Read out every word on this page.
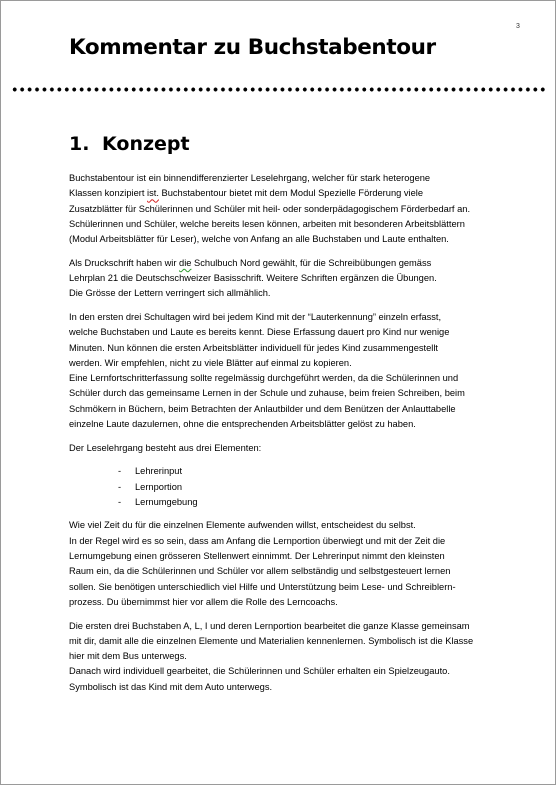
3
Kommentar zu Buchstabentour
1. Konzept
Buchstabentour ist ein binnendifferenzierter Leselehrgang, welcher für stark heterogene
Klassen konzipiert ist. Buchstabentour bietet mit dem Modul Spezielle Förderung viele
Zusatzblätter für Schülerinnen und Schüler mit heil- oder sonderpädagogischem Förderbedarf an.
Schülerinnen und Schüler, welche bereits lesen können, arbeiten mit besonderen Arbeitsblättern
(Modul Arbeitsblätter für Leser), welche von Anfang an alle Buchstaben und Laute enthalten.
Als Druckschrift haben wir die Schulbuch Nord gewählt, für die Schreibübungen gemäss
Lehrplan 21 die Deutschschweizer Basisschrift. Weitere Schriften ergänzen die Übungen.
Die Grösse der Lettern verringert sich allmählich.
In den ersten drei Schultagen wird bei jedem Kind mit der “Lauterkennung” einzeln erfasst,
welche Buchstaben und Laute es bereits kennt. Diese Erfassung dauert pro Kind nur wenige
Minuten. Nun können die ersten Arbeitsblätter individuell für jedes Kind zusammengestellt
werden. Wir empfehlen, nicht zu viele Blätter auf einmal zu kopieren.
Eine Lernfortschritterfassung sollte regelmässig durchgeführt werden, da die Schülerinnen und
Schüler durch das gemeinsame Lernen in der Schule und zuhause, beim freien Schreiben, beim
Schmökern in Büchern, beim Betrachten der Anlautbilder und dem Benützen der Anlauttabelle
einzelne Laute dazulernen, ohne die entsprechenden Arbeitsblätter gelöst zu haben.
Der Leselehrgang besteht aus drei Elementen:
- Lehrerinput
- Lernportion
- Lernumgebung
Wie viel Zeit du für die einzelnen Elemente aufwenden willst, entscheidest du selbst.
In der Regel wird es so sein, dass am Anfang die Lernportion überwiegt und mit der Zeit die
Lernumgebung einen grösseren Stellenwert einnimmt. Der Lehrerinput nimmt den kleinsten
Raum ein, da die Schülerinnen und Schüler vor allem selbständig und selbstgesteuert lernen
sollen. Sie benötigen unterschiedlich viel Hilfe und Unterstützung beim Lese- und Schreiblern-
prozess. Du übernimmst hier vor allem die Rolle des Lerncoachs.
Die ersten drei Buchstaben A, L, I und deren Lernportion bearbeitet die ganze Klasse gemeinsam
mit dir, damit alle die einzelnen Elemente und Materialien kennenlernen. Symbolisch ist die Klasse
hier mit dem Bus unterwegs.
Danach wird individuell gearbeitet, die Schülerinnen und Schüler erhalten ein Spielzeugauto.
Symbolisch ist das Kind mit dem Auto unterwegs.
